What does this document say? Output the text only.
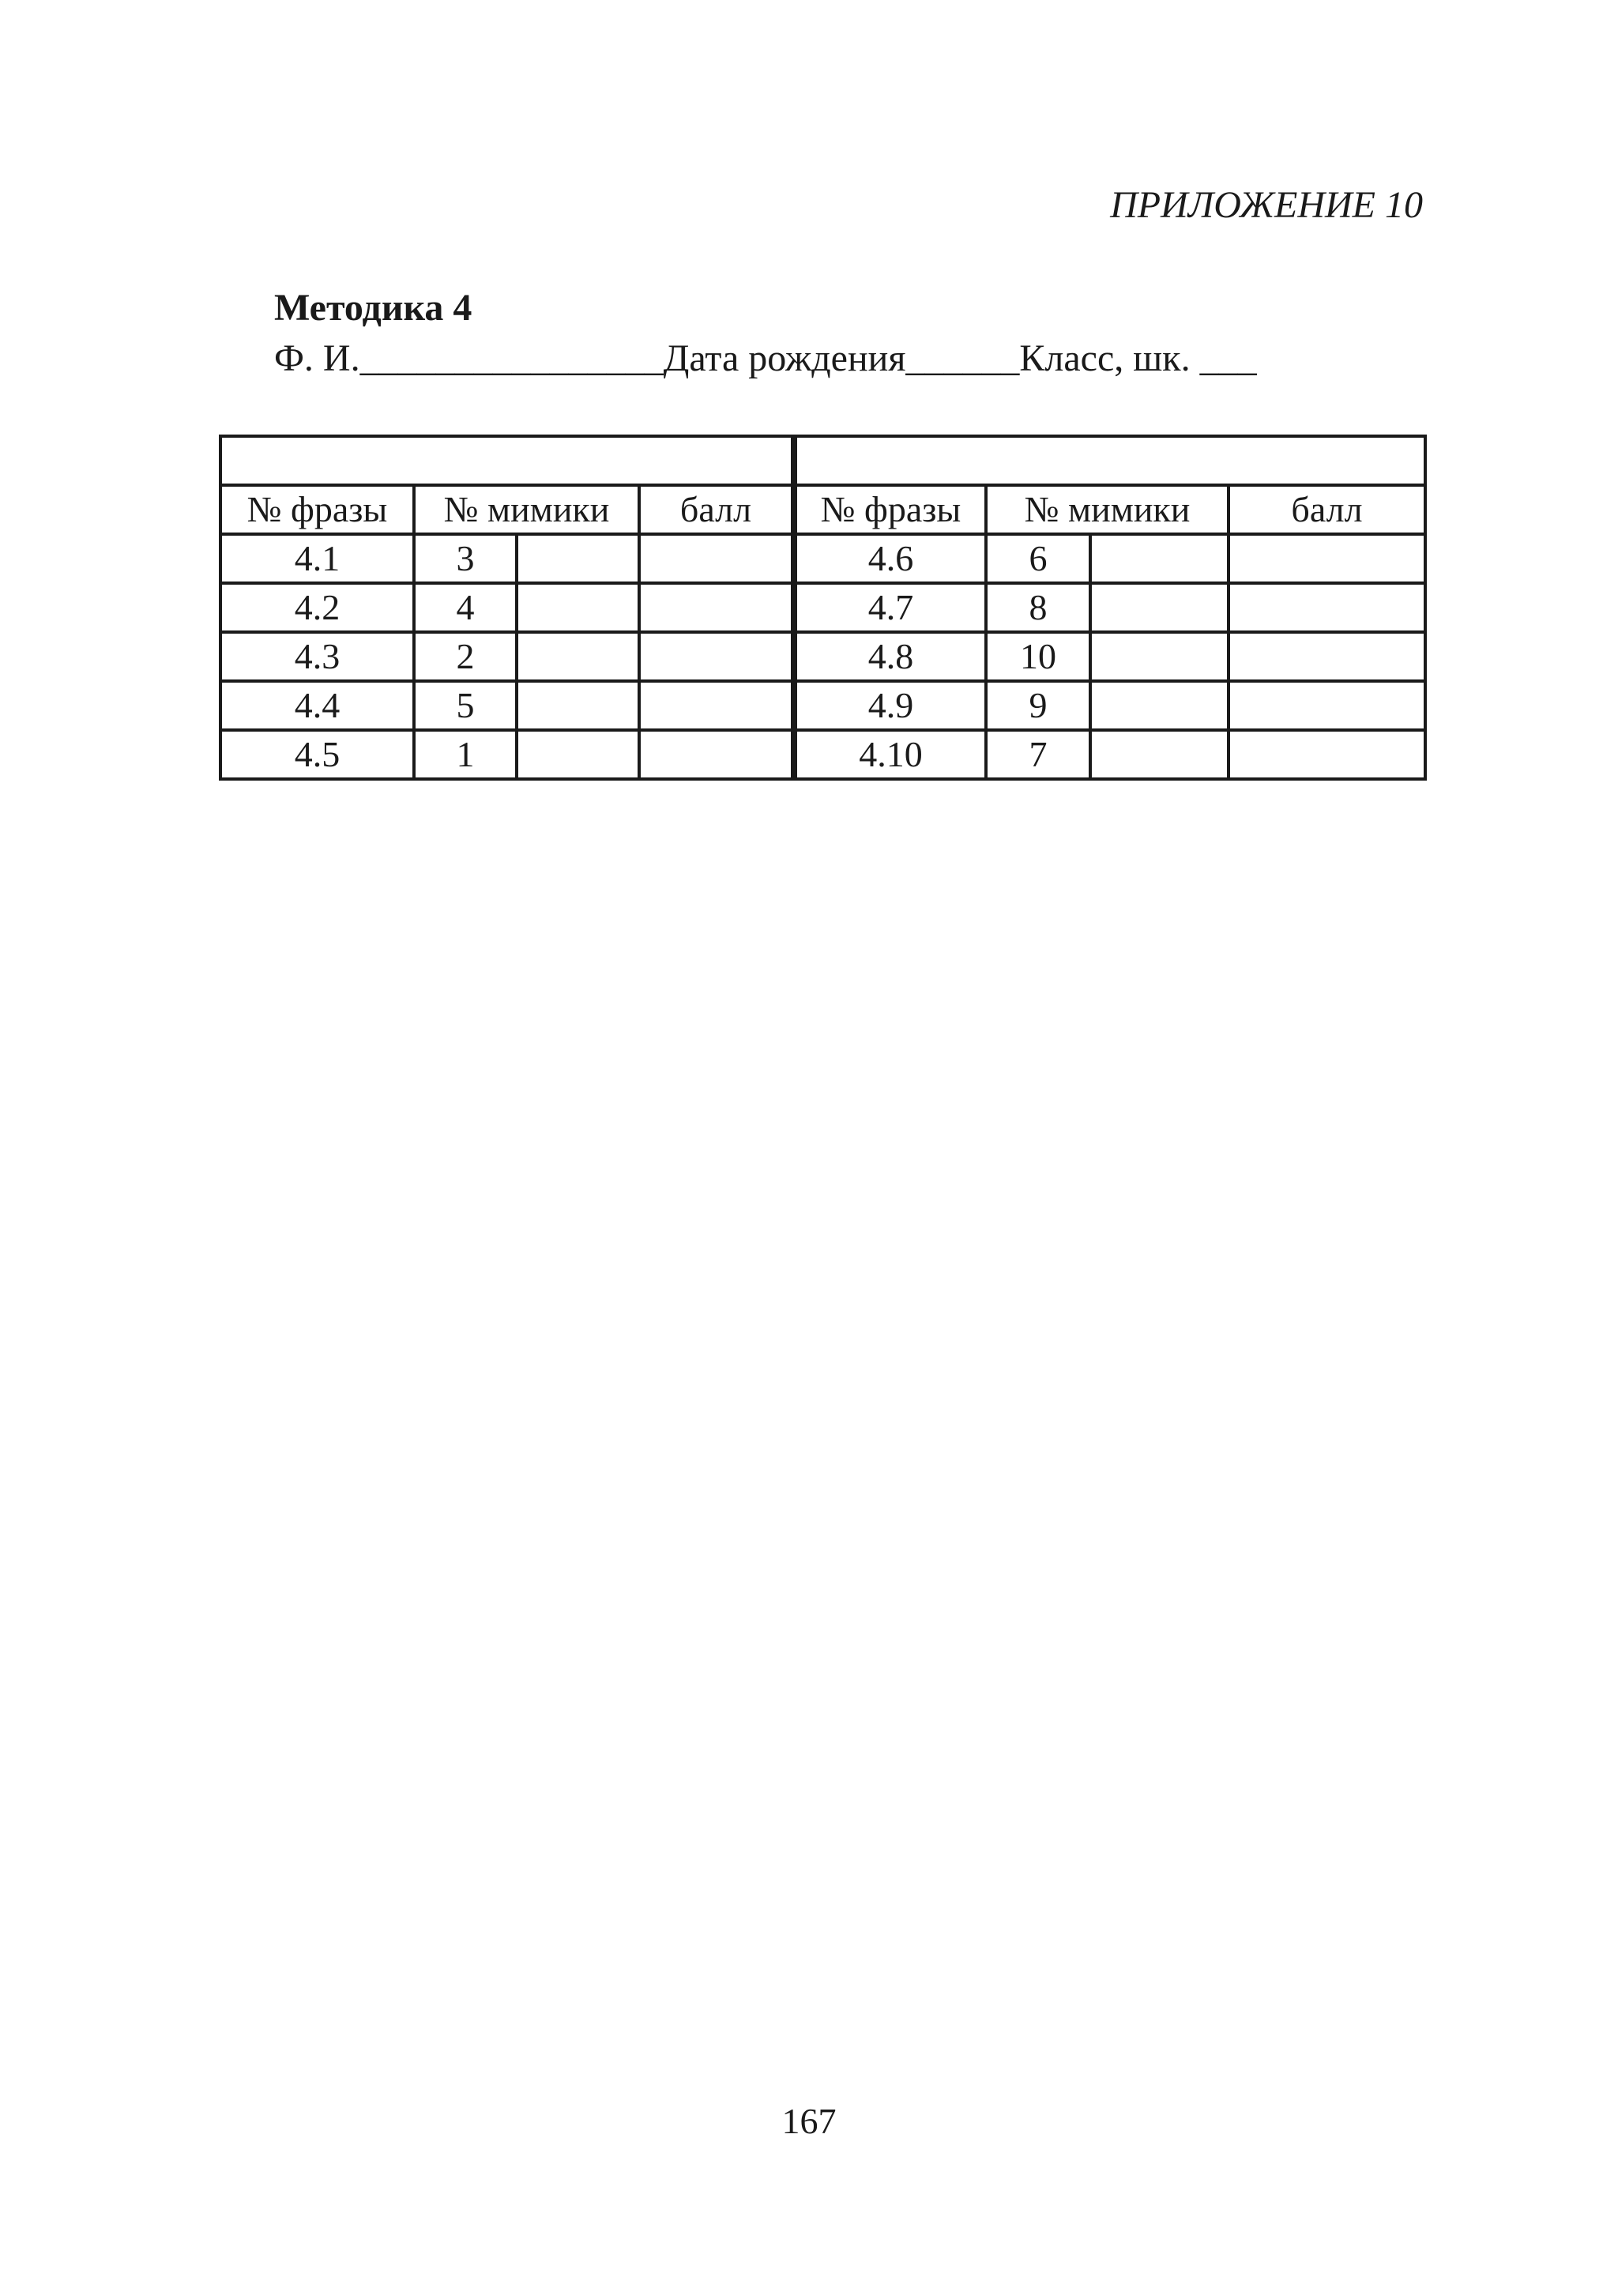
ПРИЛОЖЕНИЕ 10
Методика 4
Ф. И.________________Дата рождения______Класс, шк. ___

№ фразы	№ мимики		балл	№ фразы	№ мимики		балл
4.1	3			4.6	6		
4.2	4			4.7	8		
4.3	2			4.8	10		
4.4	5			4.9	9		
4.5	1			4.10	7		
167
